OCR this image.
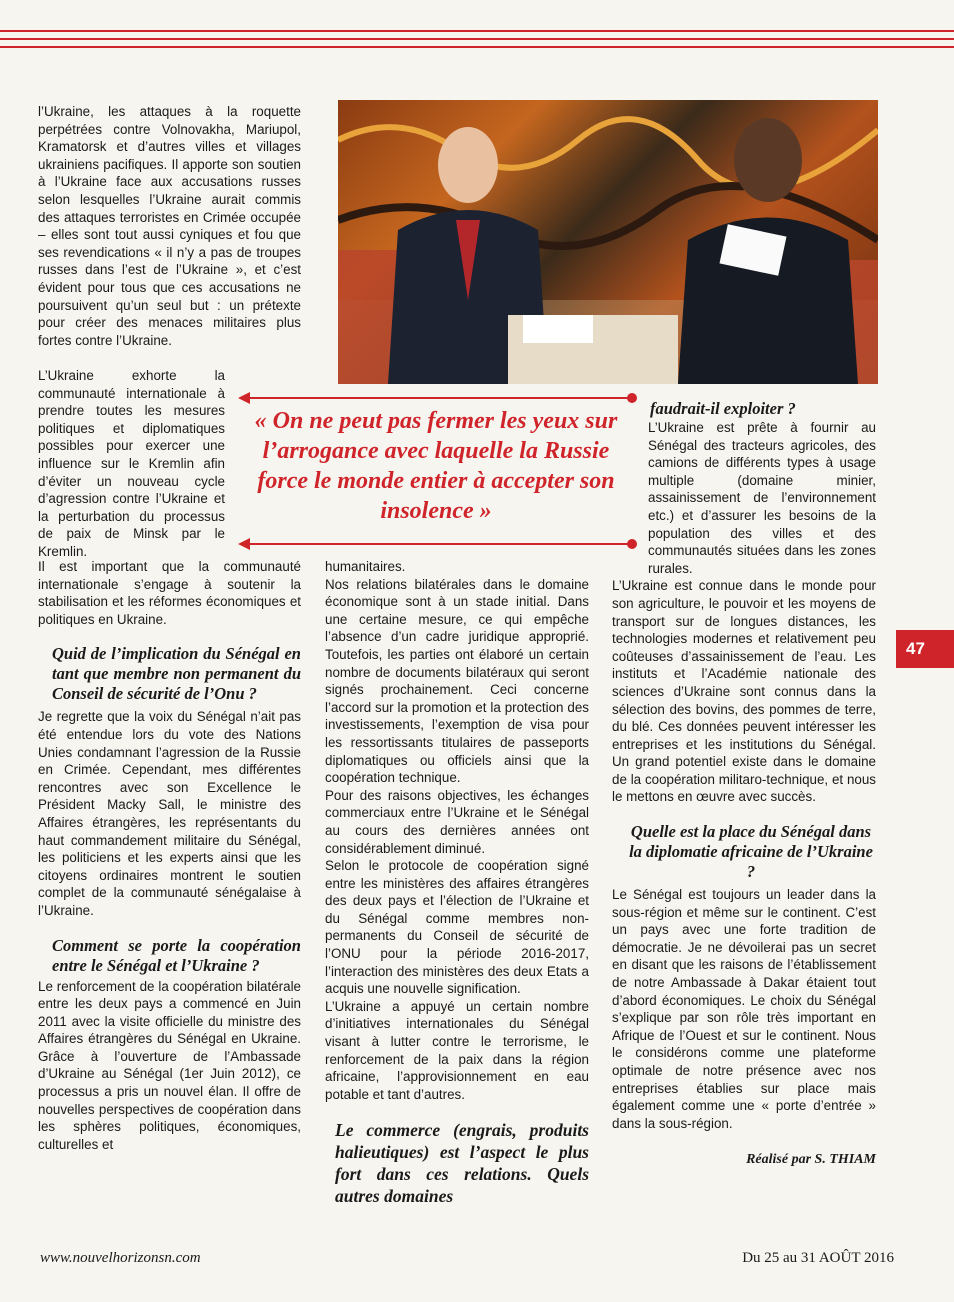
« On ne peut pas fermer les yeux sur l’arrogance avec laquelle la Russie force le monde entier à accepter son insolence »

l’Ukraine, les attaques à la roquette perpétrées contre Volnovakha, Mariupol, Kramatorsk et d’autres villes et villages ukrainiens pacifiques. Il apporte son soutien à l’Ukraine face aux accusations russes selon lesquelles l’Ukraine aurait commis des attaques terroristes en Crimée occupée – elles sont tout aussi cyniques et fou que ses revendications « il n’y a pas de troupes russes dans l’est de l’Ukraine », et c’est évident pour tous que ces accusations ne poursuivent qu’un seul but : un prétexte pour créer des menaces militaires plus fortes contre l’Ukraine.

L’Ukraine exhorte la communauté internationale à prendre toutes les mesures politiques et diplomatiques possibles pour exercer une influence sur le Kremlin afin d’éviter un nouveau cycle d’agression contre l’Ukraine et la perturbation du processus de paix de Minsk par le Kremlin.

Il est important que la communauté internationale s’engage à soutenir la stabilisation et les réformes économiques et politiques en Ukraine.

Quid de l’implication du Sénégal en tant que membre non permanent du Conseil de sécurité de l’Onu ?

Je regrette que la voix du Sénégal n’ait pas été entendue lors du vote des Nations Unies condamnant l’agression de la Russie en Crimée. Cependant, mes différentes rencontres avec son Excellence le Président Macky Sall, le ministre des Affaires étrangères, les représentants du haut commandement militaire du Sénégal, les politiciens et les experts ainsi que les citoyens ordinaires montrent le soutien complet de la communauté sénégalaise à l’Ukraine.

Comment se porte la coopération entre le Sénégal et l’Ukraine ?

Le renforcement de la coopération bilatérale entre les deux pays a commencé en Juin 2011 avec la visite officielle du ministre des Affaires étrangères du Sénégal en Ukraine. Grâce à l’ouverture de l’Ambassade d’Ukraine au Sénégal (1er Juin 2012), ce processus a pris un nouvel élan. Il offre de nouvelles perspectives de coopération dans les sphères politiques, économiques, culturelles et

humanitaires.

Nos relations bilatérales dans le domaine économique sont à un stade initial. Dans une certaine mesure, ce qui empêche l’absence d’un cadre juridique approprié. Toutefois, les parties ont élaboré un certain nombre de documents bilatéraux qui seront signés prochainement. Ceci concerne l’accord sur la promotion et la protection des investissements, l’exemption de visa pour les ressortissants titulaires de passeports diplomatiques ou officiels ainsi que la coopération technique.

Pour des raisons objectives, les échanges commerciaux entre l’Ukraine et le Sénégal au cours des dernières années ont considérablement diminué.

Selon le protocole de coopération signé entre les ministères des affaires étrangères des deux pays et l’élection de l’Ukraine et du Sénégal comme membres non-permanents du Conseil de sécurité de l’ONU pour la période 2016-2017, l’interaction des ministères des deux Etats a acquis une nouvelle signification.

L’Ukraine a appuyé un certain nombre d’initiatives internationales du Sénégal visant à lutter contre le terrorisme, le renforcement de la paix dans la région africaine, l’approvisionnement en eau potable et tant d’autres.

Le commerce (engrais, produits halieutiques) est l’aspect le plus fort dans ces relations. Quels autres domaines

faudrait-il exploiter ?

L’Ukraine est prête à fournir au Sénégal des tracteurs agricoles, des camions de différents types à usage multiple (domaine minier, assainissement de l’environnement etc.) et d’assurer les besoins de la population des villes et des communautés situées dans les zones rurales.

L’Ukraine est connue dans le monde pour son agriculture, le pouvoir et les moyens de transport sur de longues distances, les technologies modernes et relativement peu coûteuses d’assainissement de l’eau. Les instituts et l’Académie nationale des sciences d’Ukraine sont connus dans la sélection des bovins, des pommes de terre, du blé. Ces données peuvent intéresser les entreprises et les institutions du Sénégal. Un grand potentiel existe dans le domaine de la coopération militaro-technique, et nous le mettons en œuvre avec succès.

Quelle est la place du Sénégal dans la diplomatie africaine de l’Ukraine ?

Le Sénégal est toujours un leader dans la sous-région et même sur le continent. C’est un pays avec une forte tradition de démocratie. Je ne dévoilerai pas un secret en disant que les raisons de l’établissement de notre Ambassade à Dakar étaient tout d’abord économiques. Le choix du Sénégal s’explique par son rôle très important en Afrique de l’Ouest et sur le continent. Nous le considérons comme une plateforme optimale de notre présence avec nos entreprises établies sur place mais également comme une « porte d’entrée » dans la sous-région.

Réalisé par S. THIAM

47
www.nouvelhorizonsn.com	Du 25 au 31 AOÛT 2016
